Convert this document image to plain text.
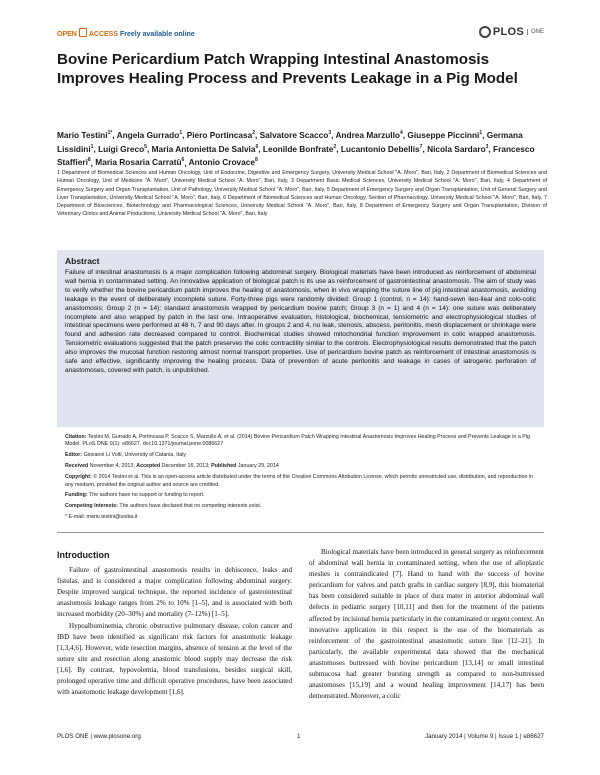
OPEN ACCESS Freely available online	PLOS	ONE
Bovine Pericardium Patch Wrapping Intestinal Anastomosis Improves Healing Process and Prevents Leakage in a Pig Model
Mario Testini$^{1*}$, Angela Gurrado$^1$, Piero Portincasa$^2$, Salvatore Scacco$^3$, Andrea Marzullo$^4$, Giuseppe Piccinni$^1$, Germana Lissidini$^1$, Luigi Greco$^5$, Maria Antonietta De Salvia$^6$, Leonilde Bonfrate$^2$, Lucantonio Debellis$^7$, Nicola Sardaro$^3$, Francesco Staffieri$^8$, Maria Rosaria Carratù$^6$, Antonio Crovace$^8$
1 Department of Biomedical Sciences and Human Oncology, Unit of Endocrine, Digestive and Emergency Surgery, University Medical School "A. Moro", Bari, Italy, 2 Department of Biomedical Sciences and Human Oncology, Unit of Medicine "A. Murri", University Medical School "A. Moro", Bari, Italy, 3 Department Basic Medical Sciences, University Medical School "A. Moro", Bari, Italy, 4 Department of Emergency Surgery and Organ Transplantation, Unit of Pathology, University Medical School "A. Moro", Bari, Italy, 5 Department of Emergency Surgery and Organ Transplantation, Unit of General Surgery and Liver Transplantation, University Medical School "A. Moro", Bari, Italy, 6 Department of Biomedical Sciences and Human Oncology, Section of Pharmacology, University Medical School "A. Moro", Bari, Italy, 7 Department of Biosciences, Biotechnology and Pharmacological Sciences, University Medical School "A. Moro", Bari, Italy, 8 Department of Emergency Surgery and Organ Transplantation, Division of Veterinary Clinics and Animal Productions, University Medical School "A. Moro", Bari, Italy
Abstract

Failure of intestinal anastomosis is a major complication following abdominal surgery. Biological materials have been introduced as reinforcement of abdominal wall hernia in contaminated setting. An innovative application of biological patch is its use as reinforcement of gastrointestinal anastomosis. The aim of study was to verify whether the bovine pericardium patch improves the healing of anastomosis, when in vivo wrapping the suture line of pig intestinal anastomosis, avoiding leakage in the event of deliberately incomplete suture. Forty-three pigs were randomly divided: Group 1 (control, n = 14): hand-sewn ileo-ileal and colo-colic anastomosis; Group 2 (n = 14): standard anastomosis wrapped by pericardium bovine patch; Group 3 (n = 1) and 4 (n = 14): one suture was deliberately incomplete and also wrapped by patch in the last one. Intraoperative evaluation, histological, biochemical, tensiometric and electrophysiological studies of intestinal specimens were performed at 48 h, 7 and 90 days after. In groups 2 and 4, no leak, stenosis, abscess, peritonitis, mesh displacement or shrinkage were found and adhesion rate decreased compared to control. Biochemical studies showed mitochondrial function improvement in colic wrapped anastomosis. Tensiometric evaluations suggested that the patch preserves the colic contractility similar to the controls. Electrophysiological results demonstrated that the patch also improves the mucosal function restoring almost normal transport properties. Use of pericardium bovine patch as reinforcement of intestinal anastomosis is safe and effective, significantly improving the healing process. Data of prevention of acute peritonitis and leakage in cases of iatrogenic perforation of anastomoses, covered with patch, is unpublished.

Citation: Testini M, Gurrado A, Portincasa P, Scacco S, Marzullo A, et al. (2014) Bovine Pericardium Patch Wrapping Intestinal Anastomosis Improves Healing Process and Prevents Leakage in a Pig Model. PLoS ONE 9(1): e86627. doi:10.1371/journal.pone.0086627

Editor: Giovanni Li Volti, University of Catania, Italy

Received November 4, 2013; Accepted December 16, 2013; Published January 29, 2014

Copyright: © 2014 Testini et al. This is an open-access article distributed under the terms of the Creative Commons Attribution License, which permits unrestricted use, distribution, and reproduction in any medium, provided the original author and source are credited.

Funding: The authors have no support or funding to report.

Competing Interests: The authors have declared that no competing interests exist.

* E-mail: mario.testini@uniba.it

Introduction

Failure of gastrointestinal anastomosis results in dehiscence, leaks and fistulas, and is considered a major complication following abdominal surgery. Despite improved surgical technique, the reported incidence of gastrointestinal anastomosis leakage ranges from 2% to 10% [1–5], and is associated with both increased morbidity (20–30%) and mortality (7–12%) [1–5].

Hypoalbuminemia, chronic obstructive pulmonary disease, colon cancer and IBD have been identified as significant risk factors for anastomotic leakage [1,3,4,6]. However, wide resection margins, absence of tension at the level of the suture site and resection along anastomic blood supply may decrease the risk [1,6]. By contrast, hypovolemia, blood transfusions, besides surgical skill, prolonged operative time and difficult operative procedures, have been associated with anastomotic leakage development [1,6].

Biological materials have been introduced in general surgery as reinforcement of abdominal wall hernia in contaminated setting, when the use of alloplastic meshes is contraindicated [7]. Hand to hand with the success of bovine pericardium for valves and patch grafts in cardiac surgery [8,9], this biomaterial has been considered suitable in place of dura mater in anterior abdominal wall defects in pediatric surgery [10,11] and then for the treatment of the patients affected by incisional hernia particularly in the contaminated or urgent context. An innovative application in this respect is the use of the biomaterials as reinforcement of the gastrointestinal anastomotic suture line [12–21]. In particularly, the available experimental data showed that the mechanical anastomoses buttressed with bovine pericardium [13,14] or small intestinal submucosa had greater bursting strength as compared to non-buttressed anastomoses [15,19] and a wound healing improvement [14,17] has been demonstrated. Moreover, a colic

PLOS ONE | www.plosone.org	1	January 2014 | Volume 9 | Issue 1 | e86627
